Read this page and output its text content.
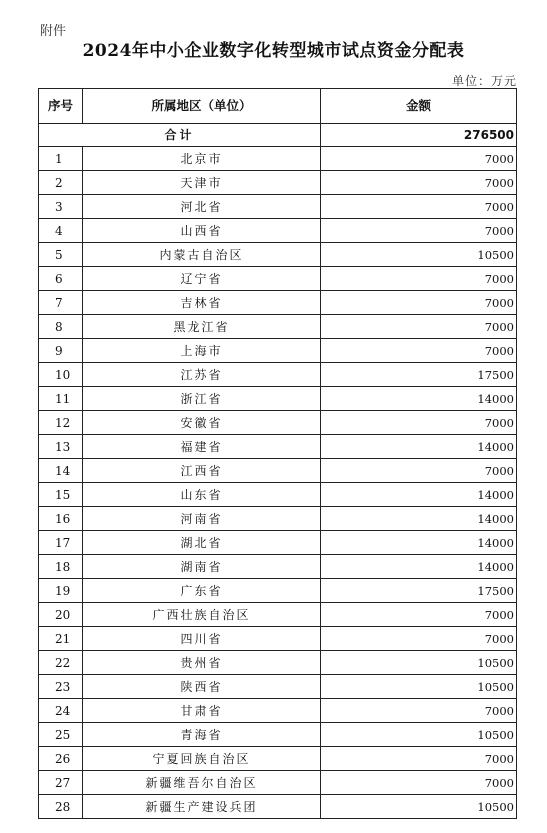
附件
2024年中小企业数字化转型城市试点资金分配表
单位：万元
序号	所属地区（单位）	金额
合计		276500
1	北京市	7000
2	天津市	7000
3	河北省	7000
4	山西省	7000
5	内蒙古自治区	10500
6	辽宁省	7000
7	吉林省	7000
8	黑龙江省	7000
9	上海市	7000
10	江苏省	17500
11	浙江省	14000
12	安徽省	7000
13	福建省	14000
14	江西省	7000
15	山东省	14000
16	河南省	14000
17	湖北省	14000
18	湖南省	14000
19	广东省	17500
20	广西壮族自治区	7000
21	四川省	7000
22	贵州省	10500
23	陕西省	10500
24	甘肃省	7000
25	青海省	10500
26	宁夏回族自治区	7000
27	新疆维吾尔自治区	7000
28	新疆生产建设兵团	10500
